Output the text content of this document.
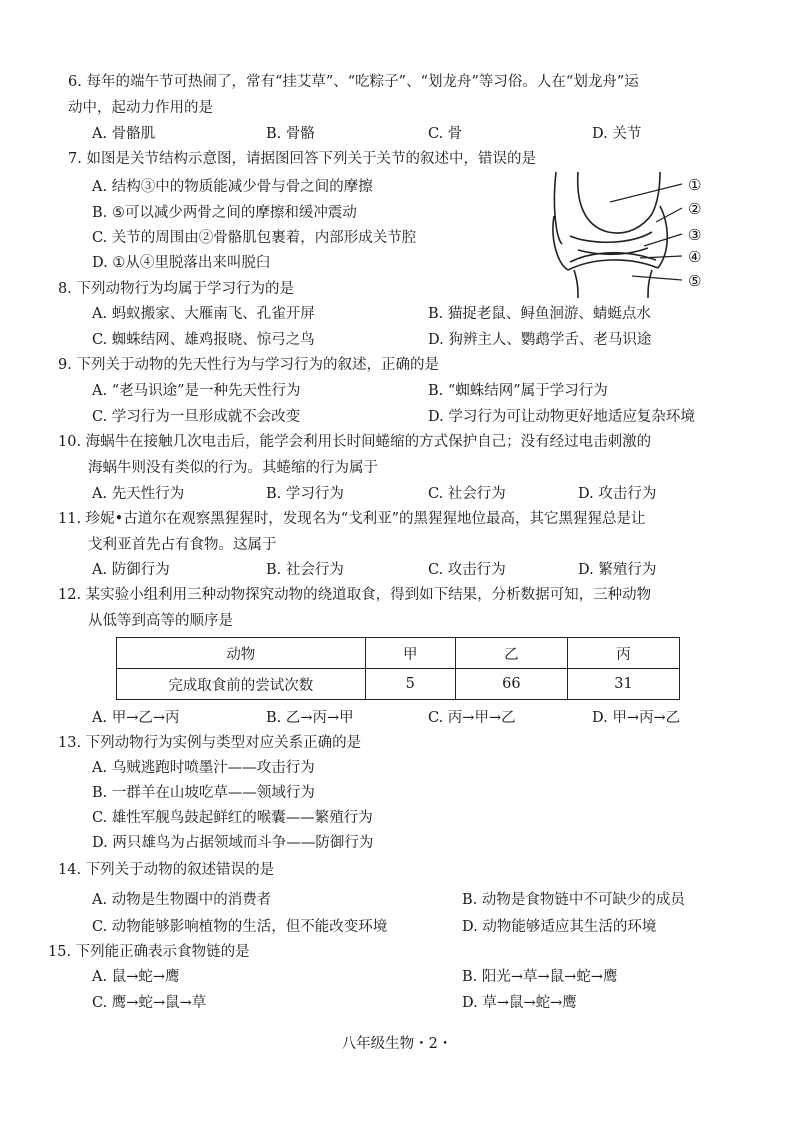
6. 每年的端午节可热闹了，常有“挂艾草”、“吃粽子”、“划龙舟”等习俗。人在“划龙舟”运
动中，起动力作用的是
A. 骨骼肌	B. 骨骼	C. 骨	D. 关节
7. 如图是关节结构示意图，请据图回答下列关于关节的叙述中，错误的是
A. 结构③中的物质能减少骨与骨之间的摩擦
B. ⑤可以减少两骨之间的摩擦和缓冲震动
C. 关节的周围由②骨骼肌包裹着，内部形成关节腔
D. ①从④里脱落出来叫脱臼
①
②
③
④
⑤
8. 下列动物行为均属于学习行为的是
A. 蚂蚁搬家、大雁南飞、孔雀开屏	B. 猫捉老鼠、鲟鱼洄游、蜻蜓点水
C. 蜘蛛结网、雄鸡报晓、惊弓之鸟	D. 狗辨主人、鹦鹉学舌、老马识途
9. 下列关于动物的先天性行为与学习行为的叙述，正确的是
A. “老马识途”是一种先天性行为	B. “蜘蛛结网”属于学习行为
C. 学习行为一旦形成就不会改变	D. 学习行为可让动物更好地适应复杂环境
10. 海蜗牛在接触几次电击后，能学会利用长时间蜷缩的方式保护自己；没有经过电击刺激的
海蜗牛则没有类似的行为。其蜷缩的行为属于
A. 先天性行为	B. 学习行为	C. 社会行为	D. 攻击行为
11. 珍妮•古道尔在观察黑猩猩时，发现名为“戈利亚”的黑猩猩地位最高，其它黑猩猩总是让
戈利亚首先占有食物。这属于
A. 防御行为	B. 社会行为	C. 攻击行为	D. 繁殖行为
12. 某实验小组利用三种动物探究动物的绕道取食，得到如下结果，分析数据可知，三种动物
从低等到高等的顺序是
动物	甲	乙	丙
完成取食前的尝试次数	5	66	31
A. 甲→乙→丙	B. 乙→丙→甲	C. 丙→甲→乙	D. 甲→丙→乙
13. 下列动物行为实例与类型对应关系正确的是
A. 乌贼逃跑时喷墨汁——攻击行为
B. 一群羊在山坡吃草——领域行为
C. 雄性军舰鸟鼓起鲜红的喉囊——繁殖行为
D. 两只雄鸟为占据领域而斗争——防御行为
14. 下列关于动物的叙述错误的是
A. 动物是生物圈中的消费者	B. 动物是食物链中不可缺少的成员
C. 动物能够影响植物的生活，但不能改变环境	D. 动物能够适应其生活的环境
15. 下列能正确表示食物链的是
A. 鼠→蛇→鹰	B. 阳光→草→鼠→蛇→鹰
C. 鹰→蛇→鼠→草	D. 草→鼠→蛇→鹰
八年级生物・2・
